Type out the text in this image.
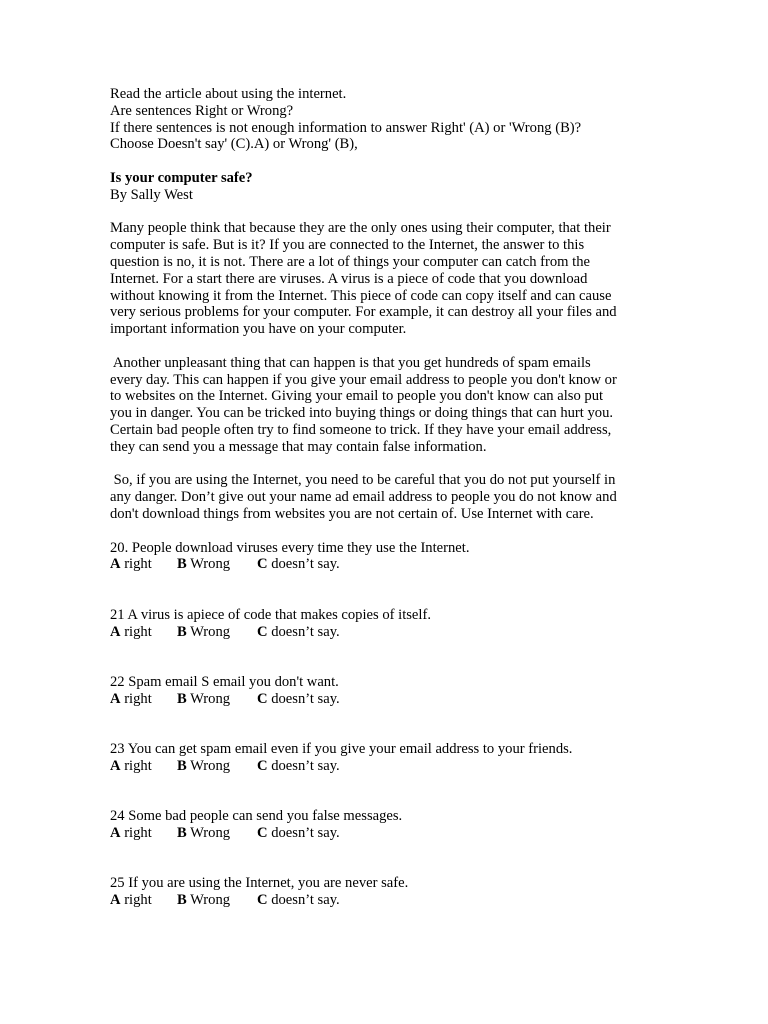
Read the article about using the internet.
Are sentences Right or Wrong?
If there sentences is not enough information to answer Right' (A) or 'Wrong (B)?
Choose Doesn't say' (C).A) or Wrong' (B),
Is your computer safe?
By Sally West
Many people think that because they are the only ones using their computer, that their
computer is safe. But is it? If you are connected to the Internet, the answer to this
question is no, it is not. There are a lot of things your computer can catch from the
Internet. For a start there are viruses. A virus is a piece of code that you download
without knowing it from the Internet. This piece of code can copy itself and can cause
very serious problems for your computer. For example, it can destroy all your files and
important information you have on your computer.
Another unpleasant thing that can happen is that you get hundreds of spam emails
every day. This can happen if you give your email address to people you don't know or
to websites on the Internet. Giving your email to people you don't know can also put
you in danger. You can be tricked into buying things or doing things that can hurt you.
Certain bad people often try to find someone to trick. If they have your email address,
they can send you a message that may contain false information.
So, if you are using the Internet, you need to be careful that you do not put yourself in
any danger. Don’t give out your name ad email address to people you do not know and
don't download things from websites you are not certain of. Use Internet with care.
20. People download viruses every time they use the Internet.
A right B Wrong C doesn’t say.
21 A virus is apiece of code that makes copies of itself.
A right B Wrong C doesn’t say.
22 Spam email S email you don't want.
A right B Wrong C doesn’t say.
23 You can get spam email even if you give your email address to your friends.
A right B Wrong C doesn’t say.
24 Some bad people can send you false messages.
A right B Wrong C doesn’t say.
25 If you are using the Internet, you are never safe.
A right B Wrong C doesn’t say.
